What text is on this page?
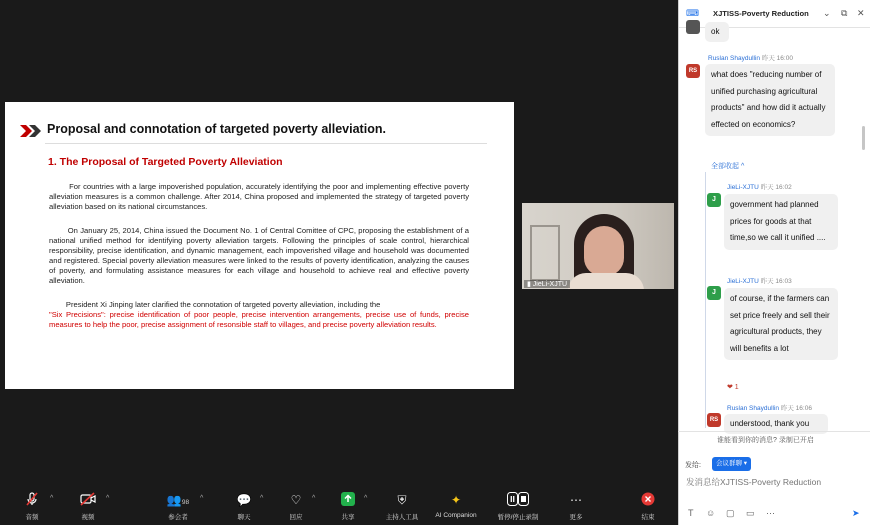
Proposal and connotation of targeted poverty alleviation.
1. The Proposal of Targeted Poverty Alleviation
For countries with a large impoverished population, accurately identifying the poor and implementing effective poverty alleviation measures is a common challenge. After 2014, China proposed and implemented the strategy of targeted poverty alleviation based on its national circumstances.
On January 25, 2014, China issued the Document No. 1 of Central Comittee of CPC, proposing the establishment of a national unified method for identifying poverty alleviation targets. Following the principles of scale control, hierarchical responsibility, precise identification, and dynamic management, each impoverished village and household was documented and registered. Special poverty alleviation measures were linked to the results of poverty identification, analyzing the causes of poverty, and formulating assistance measures for each village and household to achieve real and effective poverty alleviation.
President Xi Jinping later clarified the connotation of targeted poverty alleviation, including the
"Six Precisions": precise identification of poor people, precise intervention arrangements, precise use of funds, precise measures to help the poor, precise assignment of resonsible staff to villages, and precise poverty alleviation results.
▮ JieLi-XJTU
⌨ XJTISS-Poverty Reduction ⌄ ⧉ ✕
ok
RS
Ruslan Shaydullin 昨天 16:00
what does "reducing number of unified purchasing agricultural products" and how did it actually effected on economics?
全部收起 ^
J
JieLi-XJTU 昨天 16:02
government had planned prices for goods at that time,so we call it unified ....
J
JieLi-XJTU 昨天 16:03
of course, if the farmers can set price freely and sell their agricultural products, they will benefits a lot
❤ 1
RS
Ruslan Shaydullin 昨天 16:06
understood, thank you
谁能看到你的消息? 录制已开启
发给:	会议群聊 ▾
发消息给XJTISS-Poverty Reduction
T ☺ ▢ ▭ ⋯	➤
音频
^
视频
^	👥98
参会者
^	💬
聊天
^	♡
回应
^
共享
^	⛨
主持人工具
✦
AI Companion	暂停/停止录制
⋯
更多	结束
